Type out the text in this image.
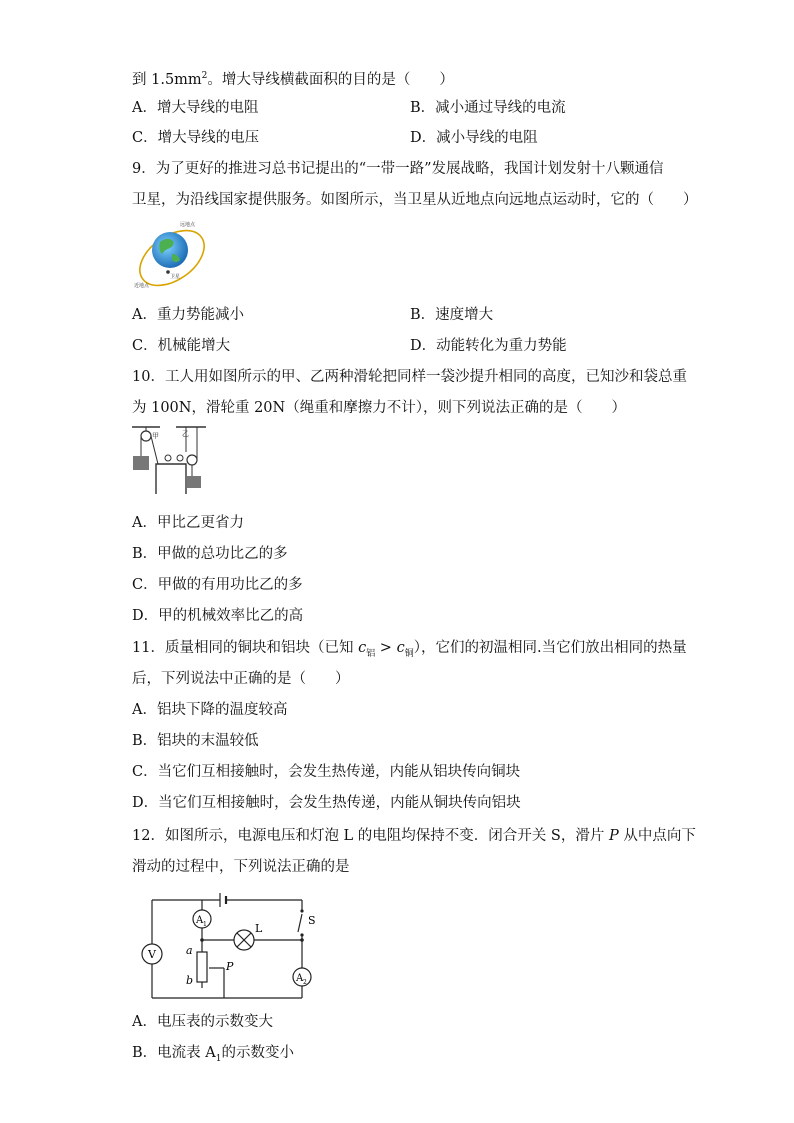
到 $1.5mm^2$。增大导线横截面积的目的是（　　）
A．增大导线的电阻	B．减小通过导线的电流
C．增大导线的电压	D．减小导线的电阻
9．为了更好的推进习总书记提出的“一带一路”发展战略，我国计划发射十八颗通信
卫星，为沿线国家提供服务。如图所示，当卫星从近地点向远地点运动时，它的（　　）
远地点
卫星
近地点
A．重力势能减小	B．速度增大
C．机械能增大	D．动能转化为重力势能
10．工人用如图所示的甲、乙两种滑轮把同样一袋沙提升相同的高度，已知沙和袋总重
为 100N，滑轮重 20N（绳重和摩擦力不计），则下列说法正确的是（　　）
甲	乙
A．甲比乙更省力
B．甲做的总功比乙的多
C．甲做的有用功比乙的多
D．甲的机械效率比乙的高
11．质量相同的铜块和铝块（已知 $c_铝 > c_铜$），它们的初温相同.当它们放出相同的热量
后，下列说法中正确的是（　　）
A．铝块下降的温度较高
B．铝块的末温较低
C．当它们互相接触时，会发生热传递，内能从铝块传向铜块
D．当它们互相接触时，会发生热传递，内能从铜块传向铝块
12．如图所示，电源电压和灯泡 L 的电阻均保持不变．闭合开关 S，滑片 P 从中点向下
滑动的过程中，下列说法正确的是
V
A 1
A 2
L
S
a
b
P
A．电压表的示数变大
B．电流表 $A_1$的示数变小
